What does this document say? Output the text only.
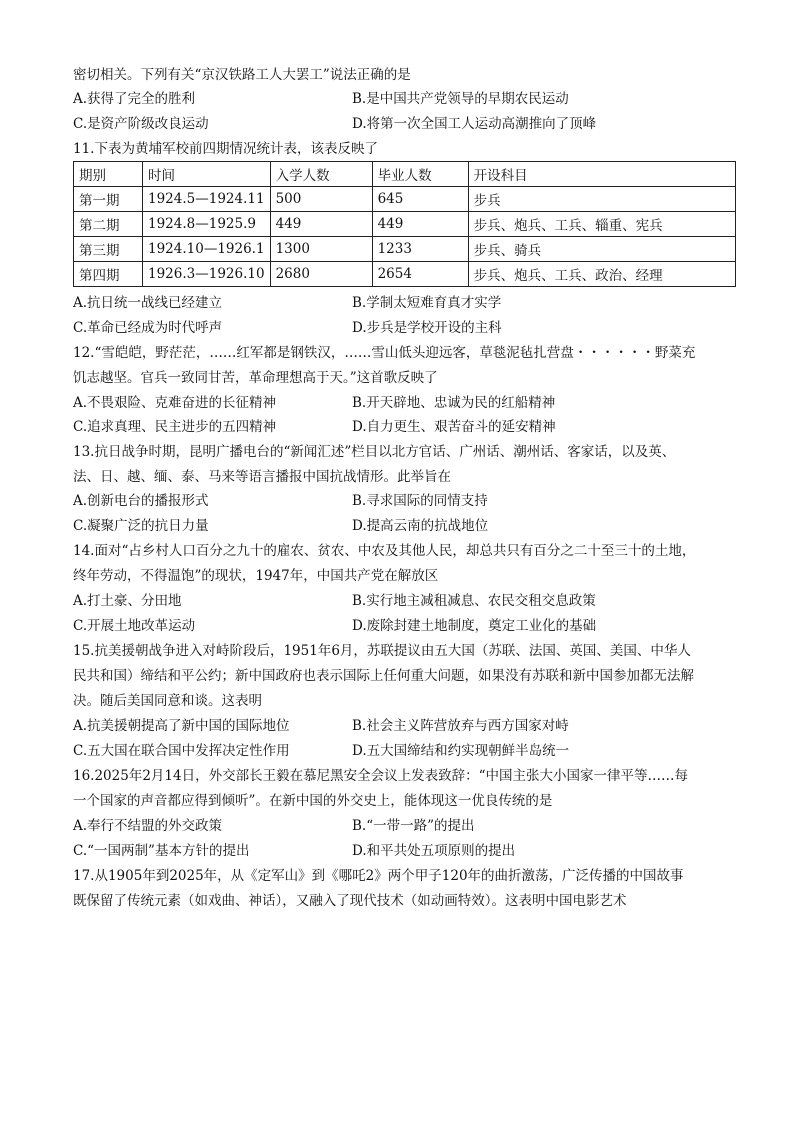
密切相关。下列有关“京汉铁路工人大罢工”说法正确的是
A.获得了完全的胜利	B.是中国共产党领导的早期农民运动
C.是资产阶级改良运动	D.将第一次全国工人运动高潮推向了顶峰
11.下表为黄埔军校前四期情况统计表，该表反映了
期别	时间	入学人数	毕业人数	开设科目
第一期	1924.5—1924.11	500	645	步兵
第二期	1924.8—1925.9	449	449	步兵、炮兵、工兵、辎重、宪兵
第三期	1924.10—1926.1	1300	1233	步兵、骑兵
第四期	1926.3—1926.10	2680	2654	步兵、炮兵、工兵、政治、经理
A.抗日统一战线已经建立	B.学制太短难育真才实学
C.革命已经成为时代呼声	D.步兵是学校开设的主科
12.“雪皑皑，野茫茫，……红军都是钢铁汉，……雪山低头迎远客，草毯泥毡扎营盘・・・・・・野菜充
饥志越坚。官兵一致同甘苦，革命理想高于天。”这首歌反映了
A.不畏艰险、克难奋进的长征精神	B.开天辟地、忠诚为民的红船精神
C.追求真理、民主进步的五四精神	D.自力更生、艰苦奋斗的延安精神
13.抗日战争时期，昆明广播电台的“新闻汇述”栏目以北方官话、广州话、潮州话、客家话，以及英、
法、日、越、缅、泰、马来等语言播报中国抗战情形。此举旨在
A.创新电台的播报形式	B.寻求国际的同情支持
C.凝聚广泛的抗日力量	D.提高云南的抗战地位
14.面对“占乡村人口百分之九十的雇农、贫农、中农及其他人民，却总共只有百分之二十至三十的土地，
终年劳动，不得温饱”的现状，1947年，中国共产党在解放区
A.打土豪、分田地	B.实行地主减租减息、农民交租交息政策
C.开展土地改革运动	D.废除封建土地制度，奠定工业化的基础
15.抗美援朝战争进入对峙阶段后，1951年6月，苏联提议由五大国（苏联、法国、英国、美国、中华人
民共和国）缔结和平公约；新中国政府也表示国际上任何重大问题，如果没有苏联和新中国参加都无法解
决。随后美国同意和谈。这表明
A.抗美援朝提高了新中国的国际地位	B.社会主义阵营放弃与西方国家对峙
C.五大国在联合国中发挥决定性作用	D.五大国缔结和约实现朝鲜半岛统一
16.2025年2月14日，外交部长王毅在慕尼黑安全会议上发表致辞：“中国主张大小国家一律平等……每
一个国家的声音都应得到倾听”。在新中国的外交史上，能体现这一优良传统的是
A.奉行不结盟的外交政策	B.“一带一路”的提出
C.“一国两制”基本方针的提出	D.和平共处五项原则的提出
17.从1905年到2025年，从《定军山》到《哪吒2》两个甲子120年的曲折激荡，广泛传播的中国故事
既保留了传统元素（如戏曲、神话），又融入了现代技术（如动画特效）。这表明中国电影艺术
